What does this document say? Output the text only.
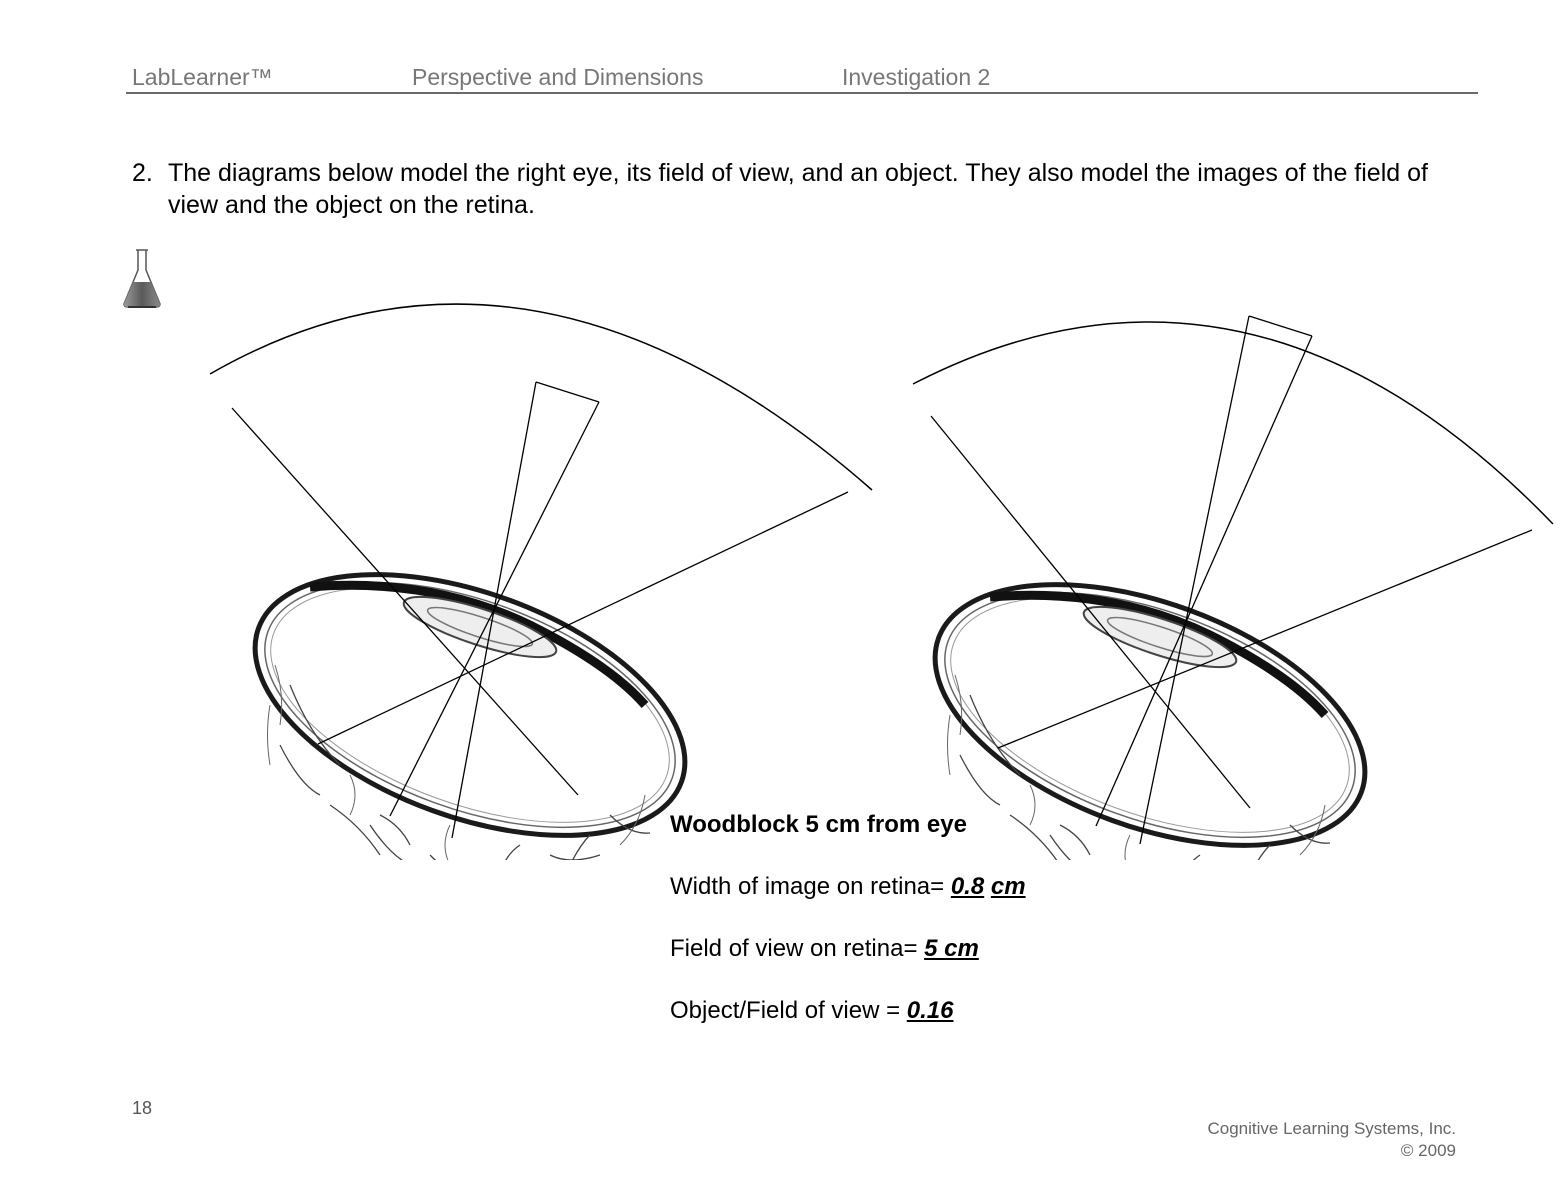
LabLearner™	Perspective and Dimensions	Investigation 2
2. The diagrams below model the right eye, its field of view, and an object. They also model the images of the field of view and the object on the retina.
Woodblock 5 cm from eye
Width of image on retina= 0.8 cm
Field of view on retina= 5 cm
Object/Field of view = 0.16
18
Cognitive Learning Systems, Inc.
© 2009
